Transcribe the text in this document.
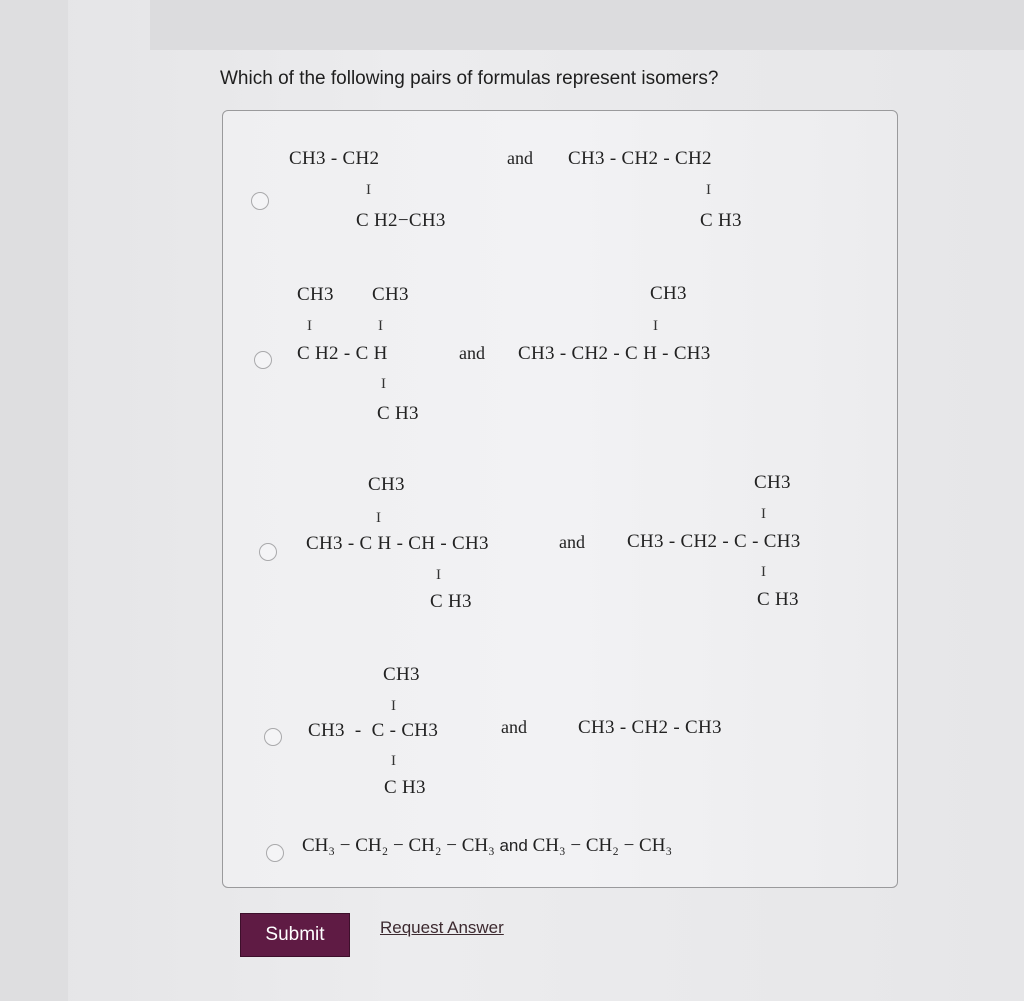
Which of the following pairs of formulas represent isomers?
CH3 - CH2
I
C H2−CH3
and CH3 - CH2 - CH2
I
C H3
CH3 CH3
I	I
C H2 - C H
I
C H3
and
CH3
I
CH3 - CH2 - C H - CH3
CH3
I
CH3 - C H - CH - CH3
I
C H3
and
CH3
I
CH3 - CH2 - C - CH3
I
C H3
CH3
I
CH3  -  C - CH3
I
C H3
and	CH3 - CH2 - CH3
CH₃ − CH₂ − CH₂ − CH₃ and CH₃ − CH₂ − CH₃
Submit	Request Answer
